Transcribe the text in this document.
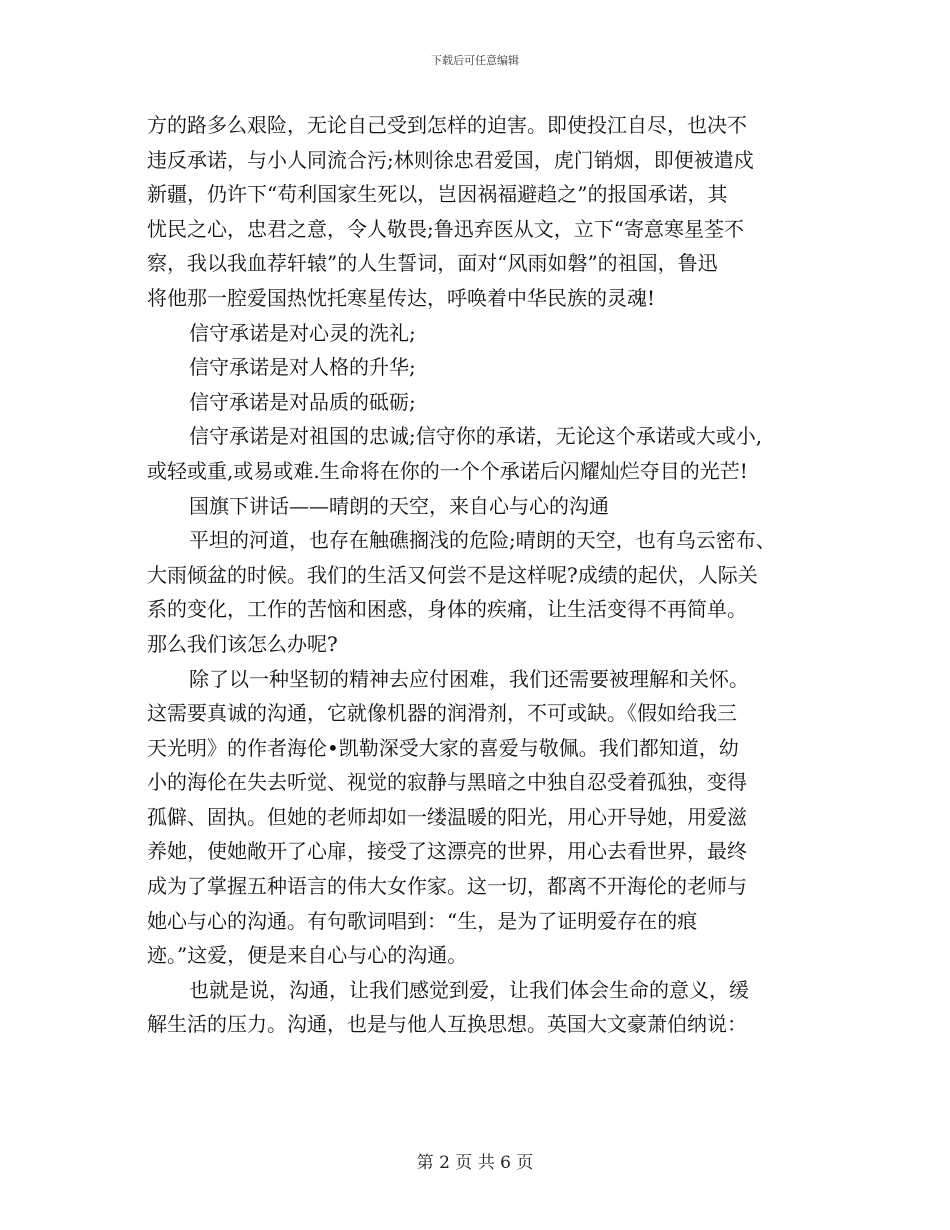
下载后可任意编辑
方的路多么艰险，无论自己受到怎样的迫害。即使投江自尽，也决不
违反承诺，与小人同流合污;林则徐忠君爱国，虎门销烟，即便被遣戍
新疆，仍许下“苟利国家生死以，岂因祸福避趋之”的报国承诺，其
忧民之心，忠君之意，令人敬畏;鲁迅弃医从文，立下“寄意寒星荃不
察，我以我血荐轩辕”的人生誓词，面对“风雨如磐”的祖国，鲁迅
将他那一腔爱国热忱托寒星传达，呼唤着中华民族的灵魂!
信守承诺是对心灵的洗礼;
信守承诺是对人格的升华;
信守承诺是对品质的砥砺;
信守承诺是对祖国的忠诚;信守你的承诺，无论这个承诺或大或小,
或轻或重,或易或难.生命将在你的一个个承诺后闪耀灿烂夺目的光芒!
国旗下讲话——晴朗的天空，来自心与心的沟通
平坦的河道，也存在触礁搁浅的危险;晴朗的天空，也有乌云密布、
大雨倾盆的时候。我们的生活又何尝不是这样呢?成绩的起伏，人际关
系的变化，工作的苦恼和困惑，身体的疾痛，让生活变得不再简单。
那么我们该怎么办呢?
除了以一种坚韧的精神去应付困难，我们还需要被理解和关怀。
这需要真诚的沟通，它就像机器的润滑剂，不可或缺。《假如给我三
天光明》的作者海伦•凯勒深受大家的喜爱与敬佩。我们都知道，幼
小的海伦在失去听觉、视觉的寂静与黑暗之中独自忍受着孤独，变得
孤僻、固执。但她的老师却如一缕温暖的阳光，用心开导她，用爱滋
养她，使她敞开了心扉，接受了这漂亮的世界，用心去看世界，最终
成为了掌握五种语言的伟大女作家。这一切，都离不开海伦的老师与
她心与心的沟通。有句歌词唱到：“生，是为了证明爱存在的痕
迹。”这爱，便是来自心与心的沟通。
也就是说，沟通，让我们感觉到爱，让我们体会生命的意义，缓
解生活的压力。沟通，也是与他人互换思想。英国大文豪萧伯纳说：
第 2 页 共 6 页
